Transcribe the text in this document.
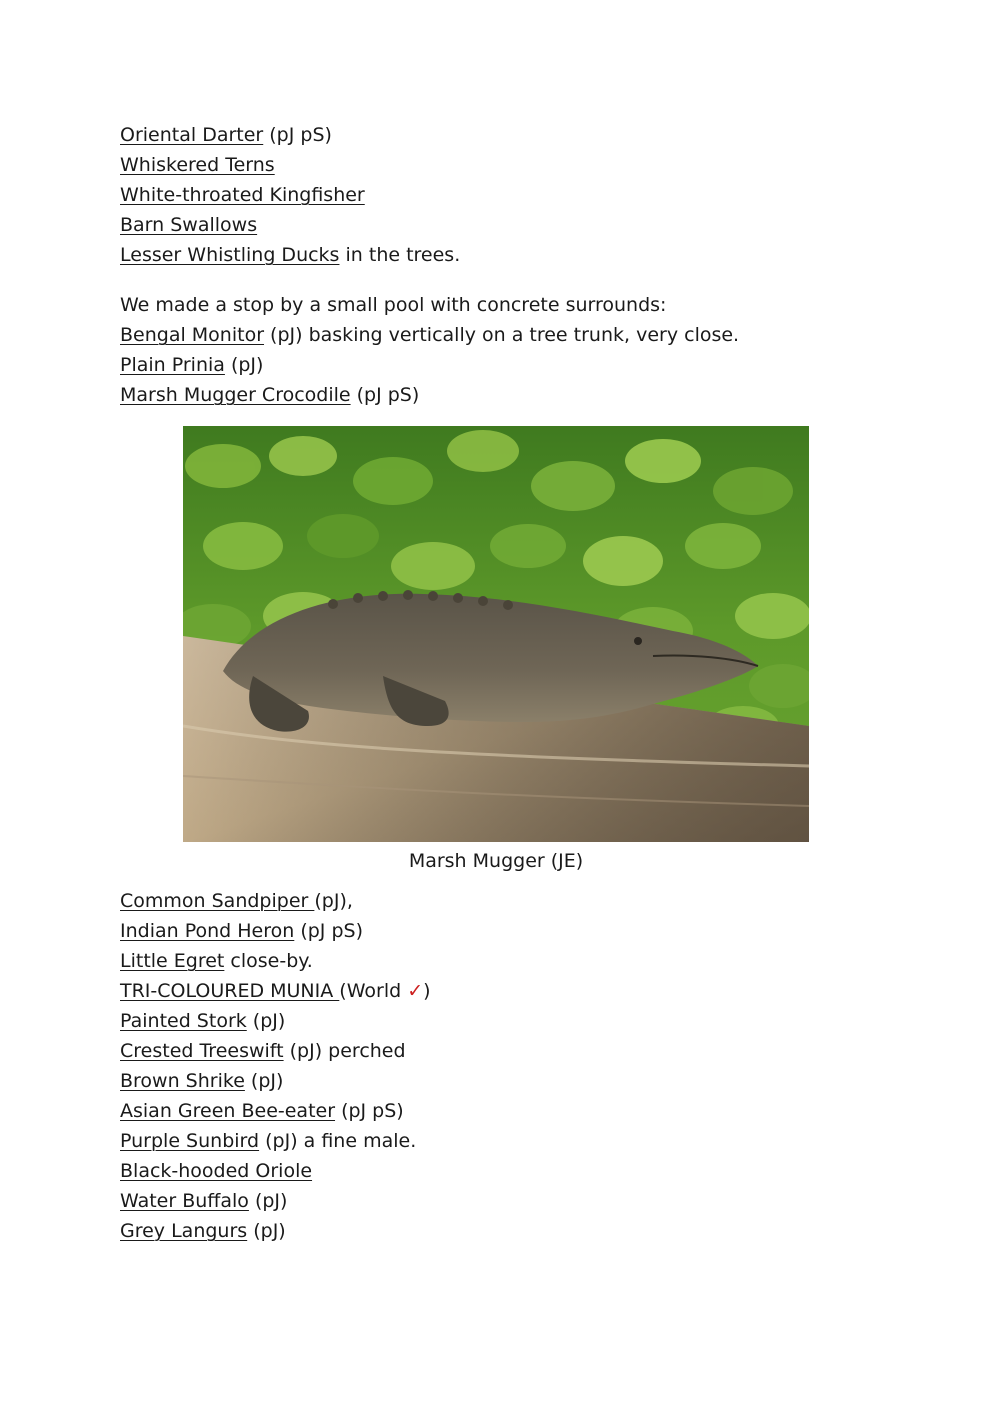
Oriental Darter (pJ pS)
Whiskered Terns
White-throated Kingfisher
Barn Swallows
Lesser Whistling Ducks in the trees.
We made a stop by a small pool with concrete surrounds:
Bengal Monitor (pJ) basking vertically on a tree trunk, very close.
Plain Prinia (pJ)
Marsh Mugger Crocodile (pJ pS)
Marsh Mugger (JE)
Common Sandpiper (pJ),
Indian Pond Heron (pJ pS)
Little Egret close-by.
TRI-COLOURED MUNIA (World ✓)
Painted Stork (pJ)
Crested Treeswift (pJ) perched
Brown Shrike (pJ)
Asian Green Bee-eater (pJ pS)
Purple Sunbird (pJ) a fine male.
Black-hooded Oriole
Water Buffalo (pJ)
Grey Langurs (pJ)
